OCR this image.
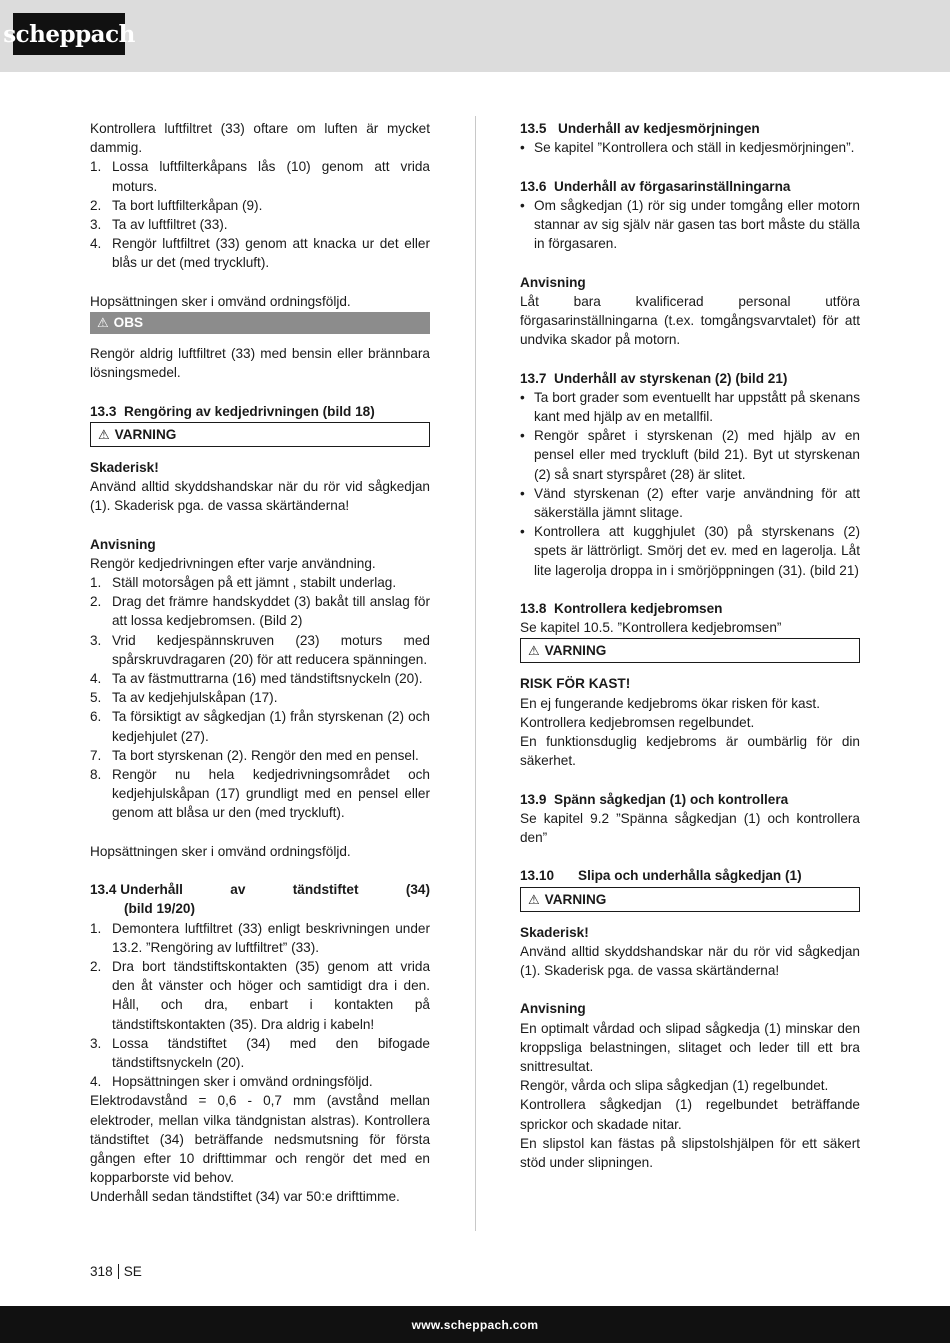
scheppach

Kontrollera luftfiltret (33) oftare om luften är mycket dammig.

1. Lossa luftfilterkåpans lås (10) genom att vrida moturs.
2. Ta bort luftfilterkåpan (9).
3. Ta av luftfiltret (33).
4. Rengör luftfiltret (33) genom att knacka ur det eller blås ur det (med tryckluft).

Hopsättningen sker i omvänd ordningsföljd.

⚠ OBS

Rengör aldrig luftfiltret (33) med bensin eller brännbara lösningsmedel.

13.3 Rengöring av kedjedrivningen (bild 18)
⚠ VARNING

Skaderisk!

Använd alltid skyddshandskar när du rör vid sågkedjan (1). Skaderisk pga. de vassa skärtänderna!

Anvisning

Rengör kedjedrivningen efter varje användning.

1. Ställ motorsågen på ett jämnt , stabilt underlag.
2. Drag det främre handskyddet (3) bakåt till anslag för att lossa kedjebromsen. (Bild 2)
3. Vrid kedjespännskruven (23) moturs med spårskruvdragaren (20) för att reducera spänningen.
4. Ta av fästmuttrarna (16) med tändstiftsnyckeln (20).
5. Ta av kedjehjulskåpan (17).
6. Ta försiktigt av sågkedjan (1) från styrskenan (2) och kedjehjulet (27).
7. Ta bort styrskenan (2). Rengör den med en pensel.
8. Rengör nu hela kedjedrivningsområdet och kedjehjulskåpan (17) grundligt med en pensel eller genom att blåsa ur den (med tryckluft).

Hopsättningen sker i omvänd ordningsföljd.

13.4 Underhåll	av	tändstiftet	(34)
(bild 19/20)
1. Demontera luftfiltret (33) enligt beskrivningen under 13.2. ”Rengöring av luftfiltret” (33).
2. Dra bort tändstiftskontakten (35) genom att vrida den åt vänster och höger och samtidigt dra i den. Håll, och dra, enbart i kontakten på tändstiftskontakten (35). Dra aldrig i kabeln!
3. Lossa tändstiftet (34) med den bifogade tändstiftsnyckeln (20).
4. Hopsättningen sker i omvänd ordningsföljd.

Elektrodavstånd = 0,6 - 0,7 mm (avstånd mellan elektroder, mellan vilka tändgnistan alstras). Kontrollera tändstiftet (34) beträffande nedsmutsning för första gången efter 10 drifttimmar och rengör det med en kopparborste vid behov.

Underhåll sedan tändstiftet (34) var 50:e drifttimme.

13.5 Underhåll av kedjesmörjningen
• Se kapitel ”Kontrollera och ställ in kedjesmörjningen”.
13.6 Underhåll av förgasarinställningarna
• Om sågkedjan (1) rör sig under tomgång eller motorn stannar av sig själv när gasen tas bort måste du ställa in förgasaren.

Anvisning

Låt bara kvalificerad personal utföra förgasarinställningarna (t.ex. tomgångsvarvtalet) för att undvika skador på motorn.

13.7 Underhåll av styrskenan (2) (bild 21)
• Ta bort grader som eventuellt har uppstått på skenans kant med hjälp av en metallfil.
• Rengör spåret i styrskenan (2) med hjälp av en pensel eller med tryckluft (bild 21). Byt ut styrskenan (2) så snart styrspåret (28) är slitet.
• Vänd styrskenan (2) efter varje användning för att säkerställa jämnt slitage.
• Kontrollera att kugghjulet (30) på styrskenans (2) spets är lättrörligt. Smörj det ev. med en lagerolja. Låt lite lagerolja droppa in i smörjöppningen (31). (bild 21)
13.8 Kontrollera kedjebromsen

Se kapitel 10.5. ”Kontrollera kedjebromsen”

⚠ VARNING

RISK FÖR KAST!

En ej fungerande kedjebroms ökar risken för kast.

Kontrollera kedjebromsen regelbundet.

En funktionsduglig kedjebroms är oumbärlig för din säkerhet.

13.9 Spänn sågkedjan (1) och kontrollera

Se kapitel 9.2 ”Spänna sågkedjan (1) och kontrollera den”

13.10	Slipa och underhålla sågkedjan (1)
⚠ VARNING

Skaderisk!

Använd alltid skyddshandskar när du rör vid sågkedjan (1). Skaderisk pga. de vassa skärtänderna!

Anvisning

En optimalt vårdad och slipad sågkedja (1) minskar den kroppsliga belastningen, slitaget och leder till ett bra snittresultat.

Rengör, vårda och slipa sågkedjan (1) regelbundet.

Kontrollera sågkedjan (1) regelbundet beträffande sprickor och skadade nitar.

En slipstol kan fästas på slipstolshjälpen för ett säkert stöd under slipningen.

318 SE
www.scheppach.com
